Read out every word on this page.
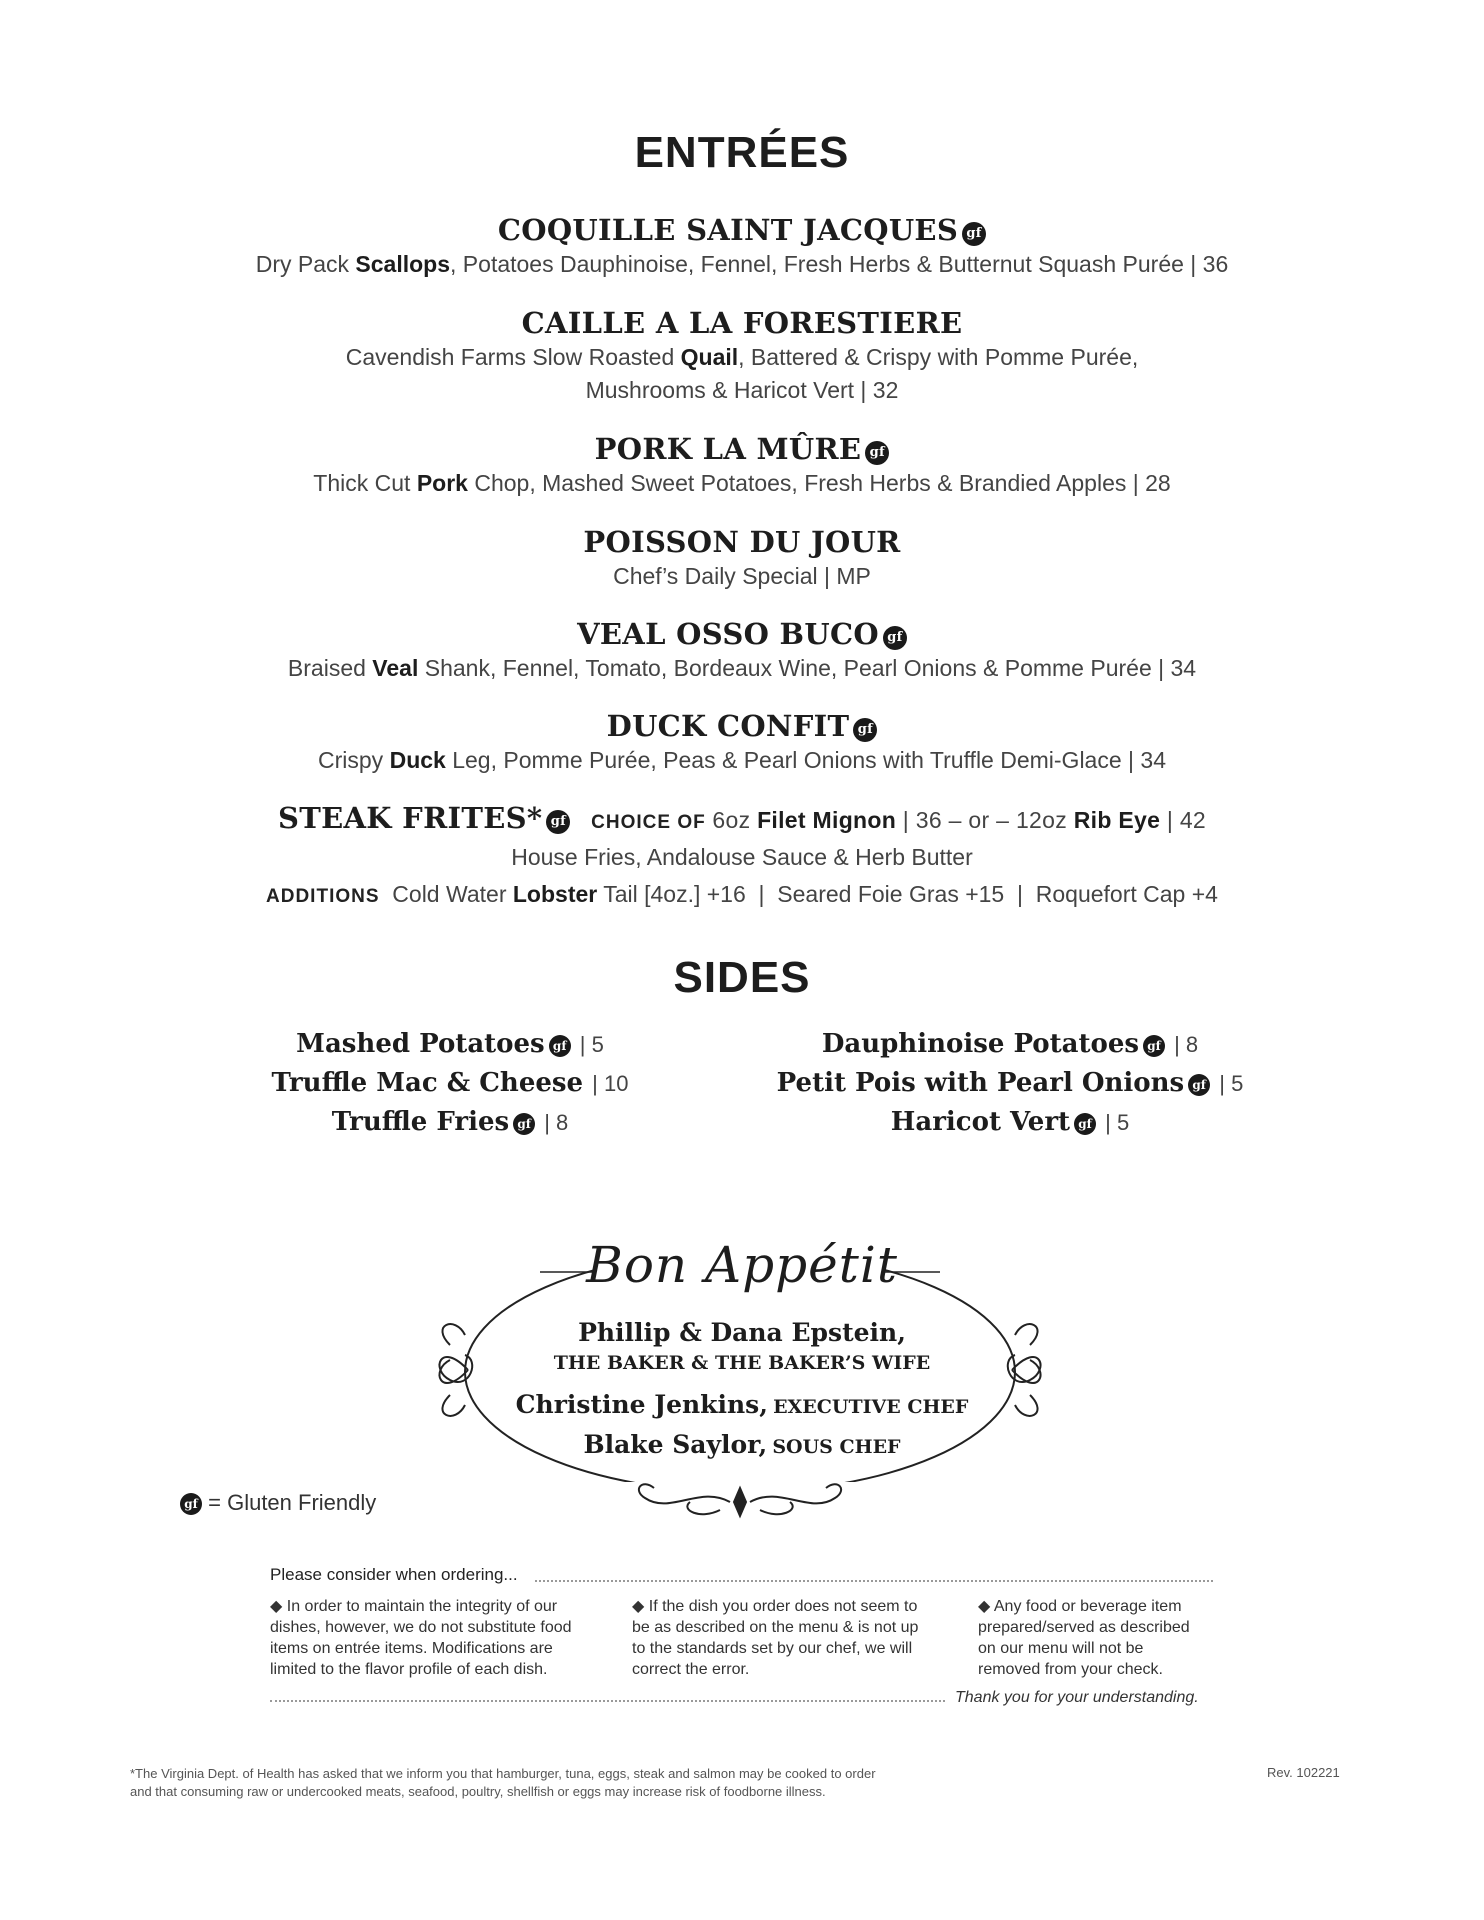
ENTRÉES
COQUILLE SAINT JACQUES gf
Dry Pack Scallops, Potatoes Dauphinoise, Fennel, Fresh Herbs & Butternut Squash Purée | 36
CAILLE A LA FORESTIERE
Cavendish Farms Slow Roasted Quail, Battered & Crispy with Pomme Purée,
Mushrooms & Haricot Vert | 32
PORK LA MÛRE gf
Thick Cut Pork Chop, Mashed Sweet Potatoes, Fresh Herbs & Brandied Apples | 28
POISSON DU JOUR
Chef’s Daily Special | MP
VEAL OSSO BUCO gf
Braised Veal Shank, Fennel, Tomato, Bordeaux Wine, Pearl Onions & Pomme Purée | 34
DUCK CONFIT gf
Crispy Duck Leg, Pomme Purée, Peas & Pearl Onions with Truffle Demi-Glace | 34
STEAK FRITES* gf CHOICE OF 6oz Filet Mignon | 36 – or – 12oz Rib Eye | 42
House Fries, Andalouse Sauce & Herb Butter
ADDITIONS Cold Water Lobster Tail [4oz.] +16  |  Seared Foie Gras +15  |  Roquefort Cap +4
SIDES
Mashed Potatoes gf | 5
Truffle Mac & Cheese | 10
Truffle Fries gf | 8
Dauphinoise Potatoes gf | 8
Petit Pois with Pearl Onions gf | 5
Haricot Vert gf | 5
Bon Appétit
Phillip & Dana Epstein,
THE BAKER & THE BAKER’S WIFE
Christine Jenkins, EXECUTIVE CHEF
Blake Saylor, SOUS CHEF
gf = Gluten Friendly
Please consider when ordering...
◆ In order to maintain the integrity of our
dishes, however, we do not substitute food
items on entrée items. Modifications are
limited to the flavor profile of each dish.
◆ If the dish you order does not seem to
be as described on the menu & is not up
to the standards set by our chef, we will
correct the error.
◆ Any food or beverage item
prepared/served as described
on our menu will not be
removed from your check.
Thank you for your understanding.
*The Virginia Dept. of Health has asked that we inform you that hamburger, tuna, eggs, steak and salmon may be cooked to order
and that consuming raw or undercooked meats, seafood, poultry, shellfish or eggs may increase risk of foodborne illness.
Rev. 102221
